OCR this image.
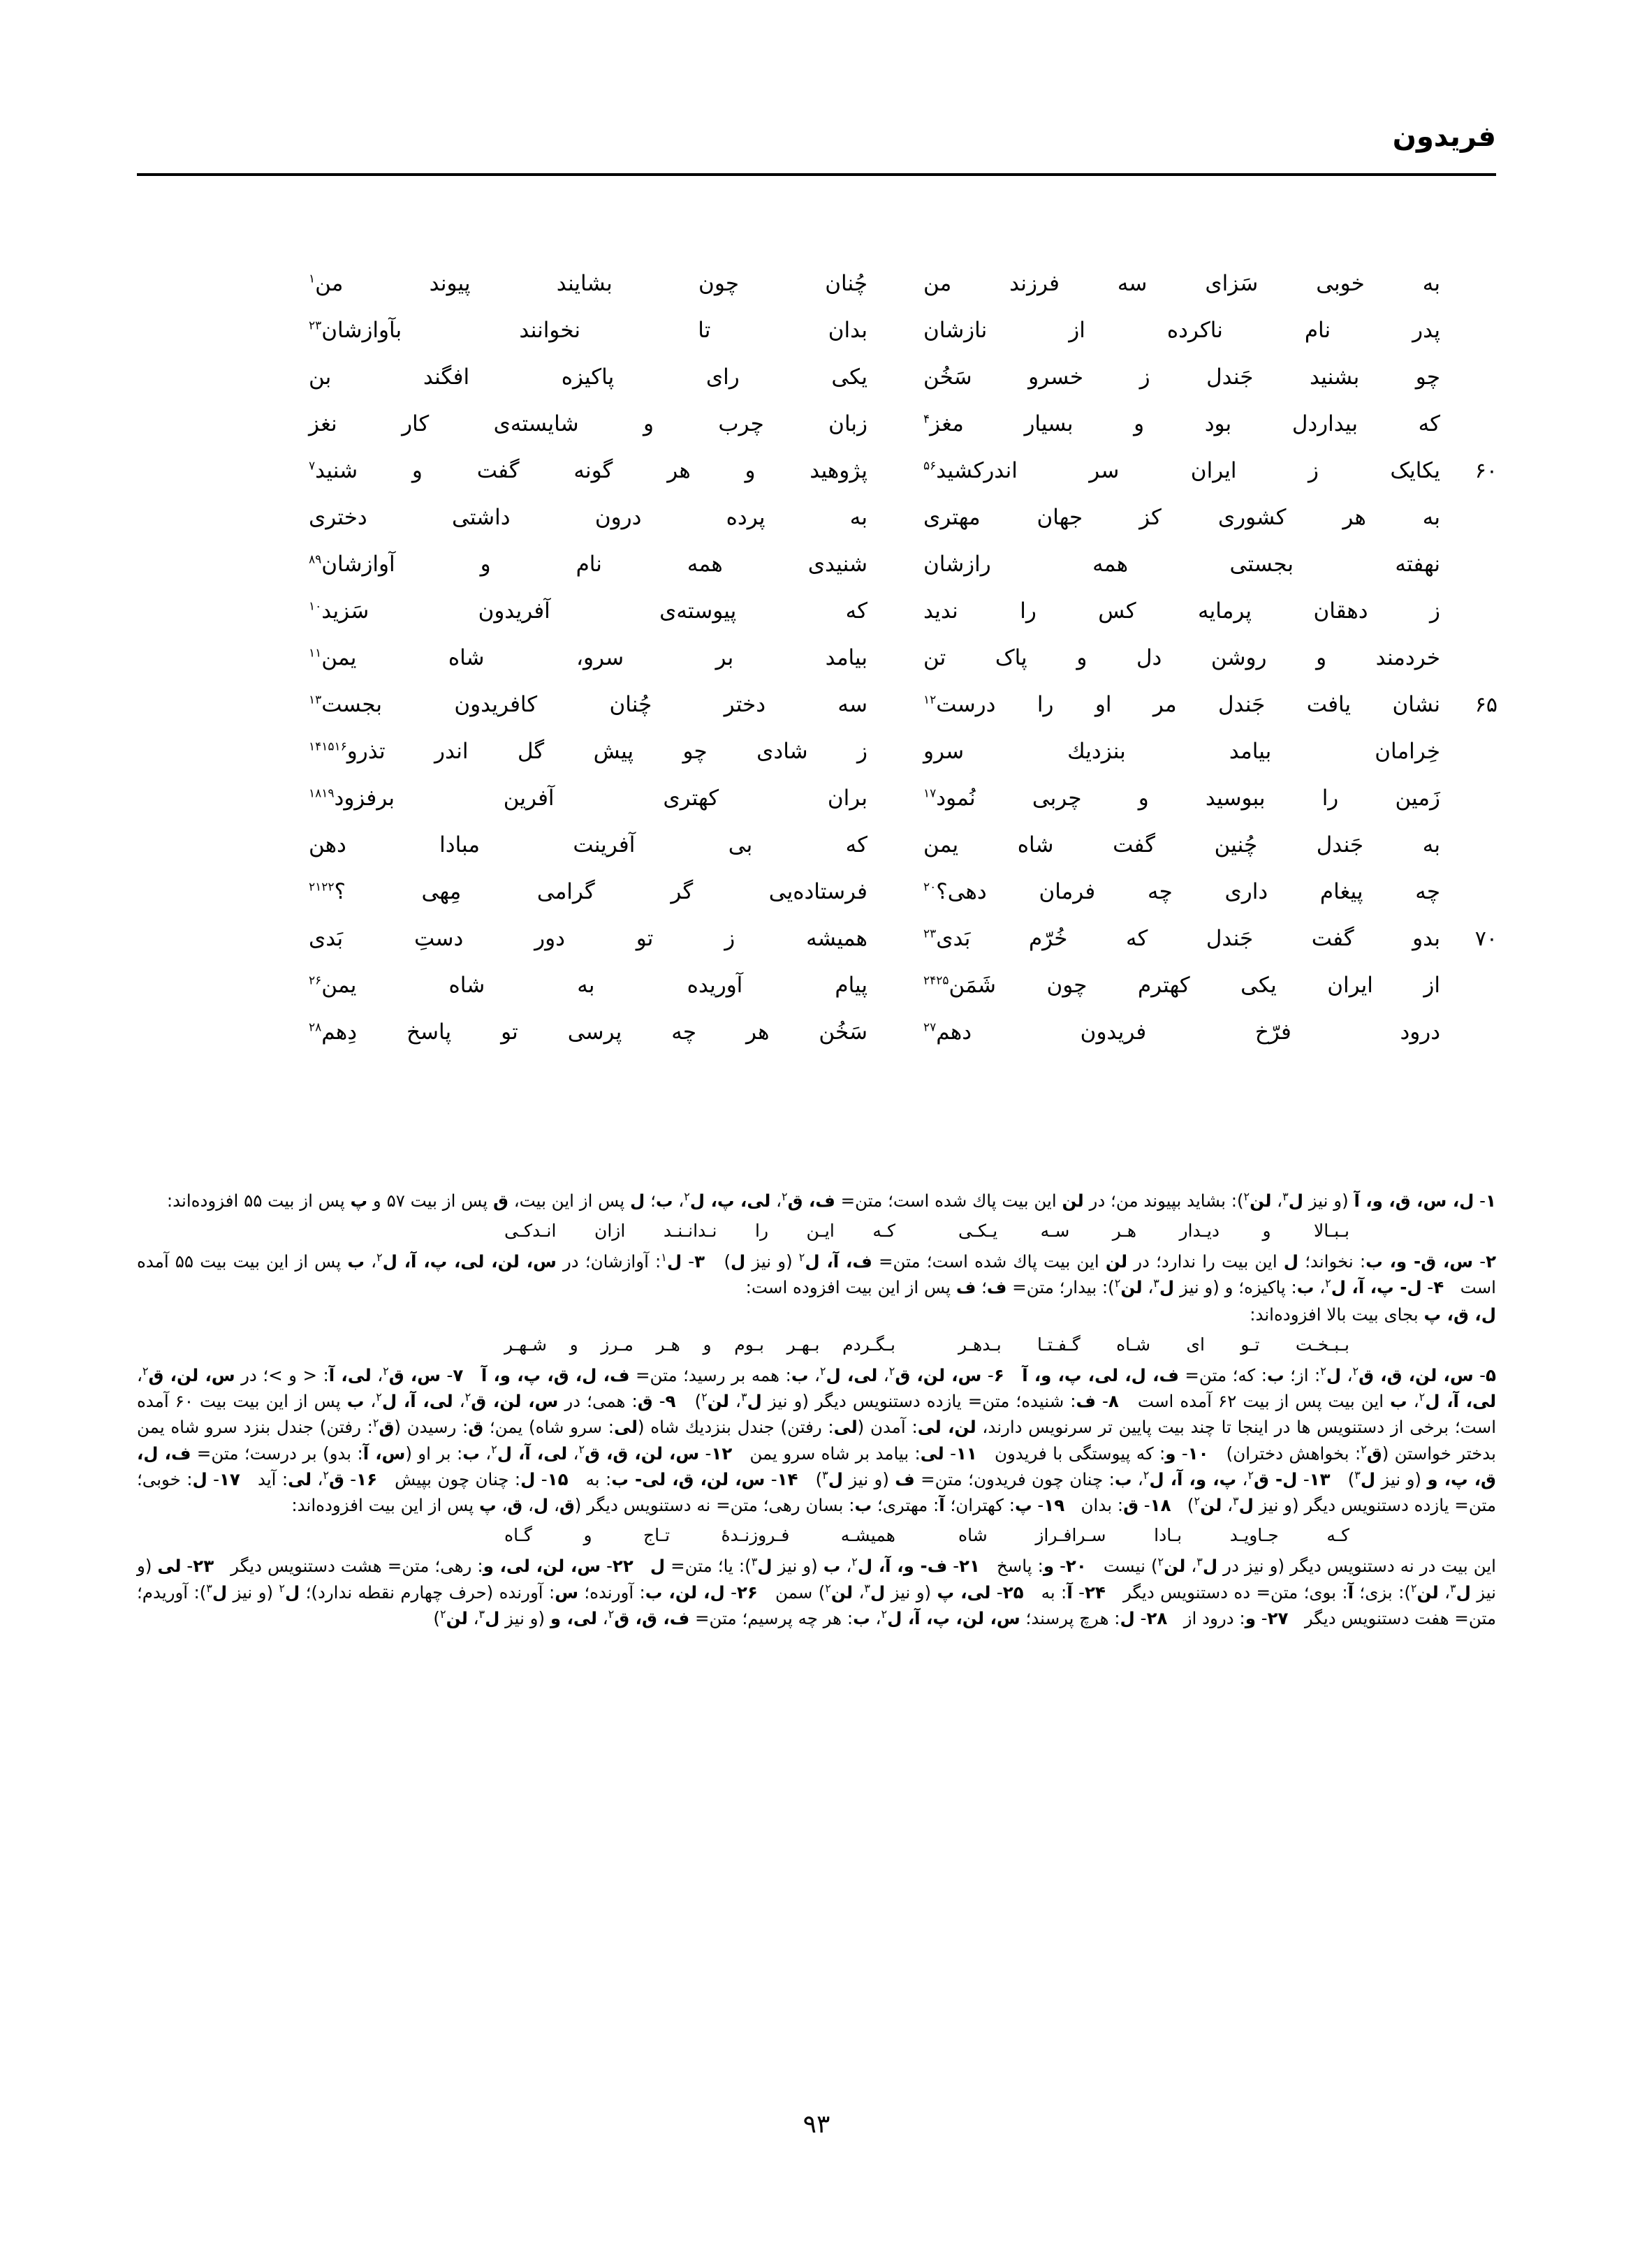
فریدون
به خوبی سَزای سه فرزند من
چُنان چون بشایند پیوند من$^۱$
پدر نام ناکرده از نازشان
بدان تا نخوانند بآوازشان$^{۲۳}$
چو بشنید جَندل ز خسرو سَخُن
یکی رای پاکیزه افگند بن
که بیداردل بود و بسیار مغز$^۴$
زبان چرب و شایسته‌ی کار نغز
۶۰
یکایک ز ایران سر اندرکشید$^{۵۶}$
پژوهید و هر گونه گفت و شنید$^۷$
به هر کشوری کز جهان مهتری
به پرده درون داشتی دختری
نهفته بجستی همه رازشان
شنیدی همه نام و آوازشان$^{۸۹}$
ز دهقان پرمایه کس را ندید
که پیوسته‌ی آفریدون سَزید$^{۱۰}$
خردمند و روشن دل و پاک تن
بیامد بر سرو، شاه یمن$^{۱۱}$
۶۵
نشان یافت جَندل مر او را درست$^{۱۲}$
سه دختر چُنان کافریدون بجست$^{۱۳}$
خِرامان بیامد بنزدیك سرو
ز شادی چو پیش گل اندر تذرو$^{۱۴۱۵۱۶}$
زَمین را ببوسید و چربی نُمود$^{۱۷}$
بران کهتری آفرین برفزود$^{۱۸۱۹}$
به جَندل چُنین گفت شاه یمن
که بی آفرینت مبادا دهن
چه پیغام داری چه فرمان دهی؟$^{۲۰}$
فرستاده‌یی گر گرامی مِهی ؟$^{۲۱۲۲}$
۷۰
بدو گفت جَندل که خُرّم بَدی$^{۲۳}$
همیشه ز تو دور دستِ بَدی
از ایران یکی کهترم چون شَمَن$^{۲۴۲۵}$
پیام آوریده به شاه یمن$^{۲۶}$
درود فرّخ فریدون دهم$^{۲۷}$
سَخُن هر چه پرسی تو پاسخ دِهم$^{۲۸}$

۱- ل، س، ق، و، آ (و نیز ل$^۳$، لن$^۲$): بشاید بپیوند من؛ در لن این بیت پاك شده است؛ متن= ف، ق$^۲$، لی، پ، ل$^۲$، ب؛ ل پس از این بیت، ق پس از بیت ۵۷ و پ پس از بیت ۵۵ افزوده‌اند:

بـبـالا و دیـدار هـر سـه یـکـی
کـه ایـن را نـدانـنـد ازان انـدکـی

۲- س، ق- و، ب: نخواند؛ ل این بیت را ندارد؛ در لن این بیت پاك شده است؛ متن= ف، آ، ل$^۲$ (و نیز ل)   ۳- ل$^۱$: آوازشان؛ در س، لن، لی، پ، آ، ل$^۲$، ب پس از این بیت بیت ۵۵ آمده است   ۴- ل- پ، آ، ل$^۲$، ب: پاکیزه؛ و (و نیز ل$^۳$، لن$^۲$): بیدار؛ متن= ف؛ ف پس از این بیت افزوده است:

ل، ق، پ بجای بیت بالا افزوده‌اند:

بـبـخـت تـو ای شـاه گـفـتـا بـدهـر
بـگـردم بـهـر بـوم و هـر مـرز و شـهـر

۵- س، لن، ق، ق$^۲$، ل$^۲$: از؛ ب: که؛ متن= ف، ل، لی، پ، و، آ   ۶- س، لن، ق$^۲$، لی، ل$^۲$، ب: همه بر رسید؛ متن= ف، ل، ق، پ، و، آ   ۷- س، ق$^۲$، لی، آ: < و >؛ در س، لن، ق$^۲$، لی، آ، ل$^۲$، ب این بیت پس از بیت ۶۲ آمده است   ۸- ف: شنیده؛ متن= یازده دستنویس دیگر (و نیز ل$^۳$، لن$^۲$)   ۹- ق: همی؛ در س، لن، ق$^۲$، لی، آ، ل$^۲$، ب پس از این بیت بیت ۶۰ آمده است؛ برخی از دستنویس ها در اینجا تا چند بیت پایین تر سرنویس دارند، لن، لی: آمدن (لی: رفتن) جندل بنزدیك شاه (لی: سرو شاه) یمن؛ ق: رسیدن (ق$^۲$: رفتن) جندل بنزد سرو شاه یمن بدختر خواستن (ق$^۲$: بخواهش دختران)   ۱۰- و: که پیوستگی با فریدون   ۱۱- لی: بیامد بر شاه سرو یمن   ۱۲- س، لن، ق، ق$^۲$، لی، آ، ل$^۲$، ب: بر او (س، آ: بدو) بر درست؛ متن= ف، ل، ق، پ، و (و نیز ل$^۳$)   ۱۳- ل- ق$^۲$، پ، و، آ، ل$^۲$، ب: چنان چون فریدون؛ متن= ف (و نیز ل$^۳$)   ۱۴- س، لن، ق، لی- ب: به   ۱۵- ل: چنان چون بپیش   ۱۶- ق$^۲$، لی: آید   ۱۷- ل: خوبی؛ متن= یازده دستنویس دیگر (و نیز ل$^۳$، لن$^۲$)   ۱۸- ق: بدان   ۱۹- پ: کهتران؛ آ: مهتری؛ ب: بسان رهی؛ متن= نه دستنویس دیگر (ق، ل، ق، پ پس از این بیت افزوده‌اند:

کـه جـاویـد بـادا سـرافـراز شاه
همیشـه فـروزنـدهٔ تـاج و گـاه

این بیت در نه دستنویس دیگر (و نیز در ل$^۳$، لن$^۲$) نیست   ۲۰- و: پاسخ   ۲۱- ف- و، آ، ل$^۲$، ب (و نیز ل$^۳$): یا؛ متن= ل   ۲۲- س، لن، لی، و: رهی؛ متن= هشت دستنویس دیگر   ۲۳- لی (و نیز ل$^۳$، لن$^۲$): بزی؛ آ: بوی؛ متن= ده دستنویس دیگر   ۲۴- آ: به   ۲۵- لی، پ (و نیز ل$^۳$، لن$^۲$) سمن   ۲۶- ل، لن، ب: آورنده؛ س: آورنده (حرف چهارم نقطه ندارد)؛ ل$^۲$ (و نیز ل$^۳$): آوریدم؛ متن= هفت دستنویس دیگر   ۲۷- و: درود از   ۲۸- ل: هرچ پرسند؛ س، لن، پ، آ، ل$^۲$، ب: هر چه پرسیم؛ متن= ف، ق، ق$^۲$، لی، و (و نیز ل$^۳$، لن$^۲$)

۹۳
